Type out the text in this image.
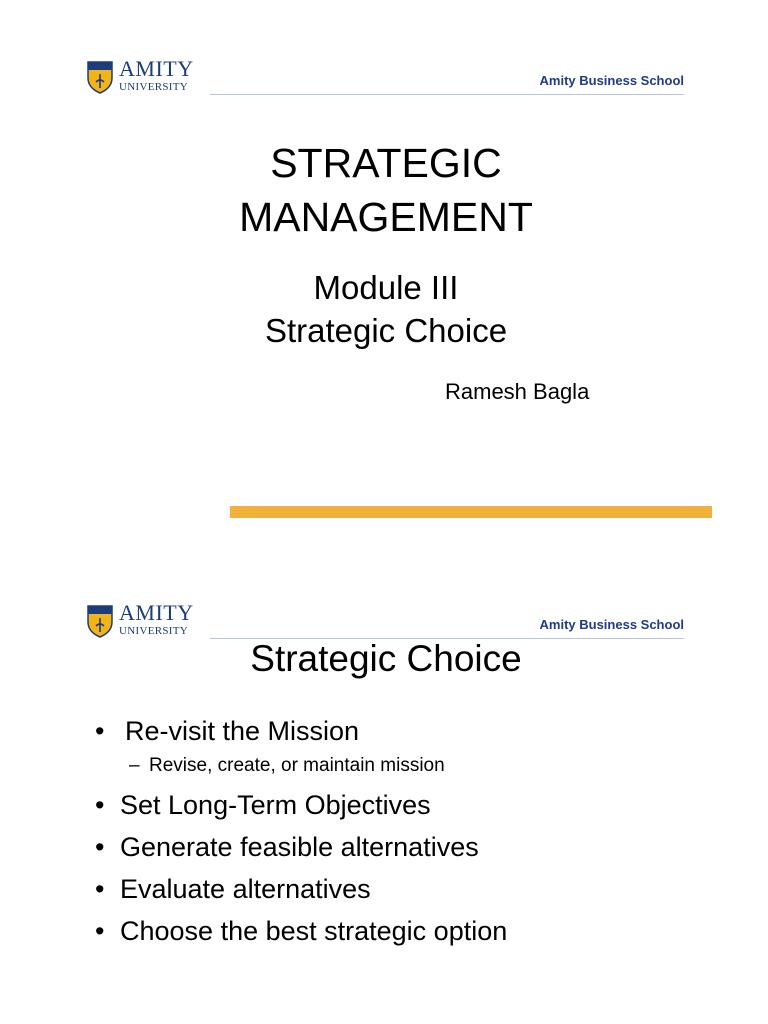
AMITY
UNIVERSITY	Amity Business School
STRATEGIC
MANAGEMENT
Module III
Strategic Choice
Ramesh Bagla
AMITY
UNIVERSITY	Amity Business School
Strategic Choice
• Re-visit the Mission
– Revise, create, or maintain mission
• Set Long-Term Objectives
• Generate feasible alternatives
• Evaluate alternatives
• Choose the best strategic option
